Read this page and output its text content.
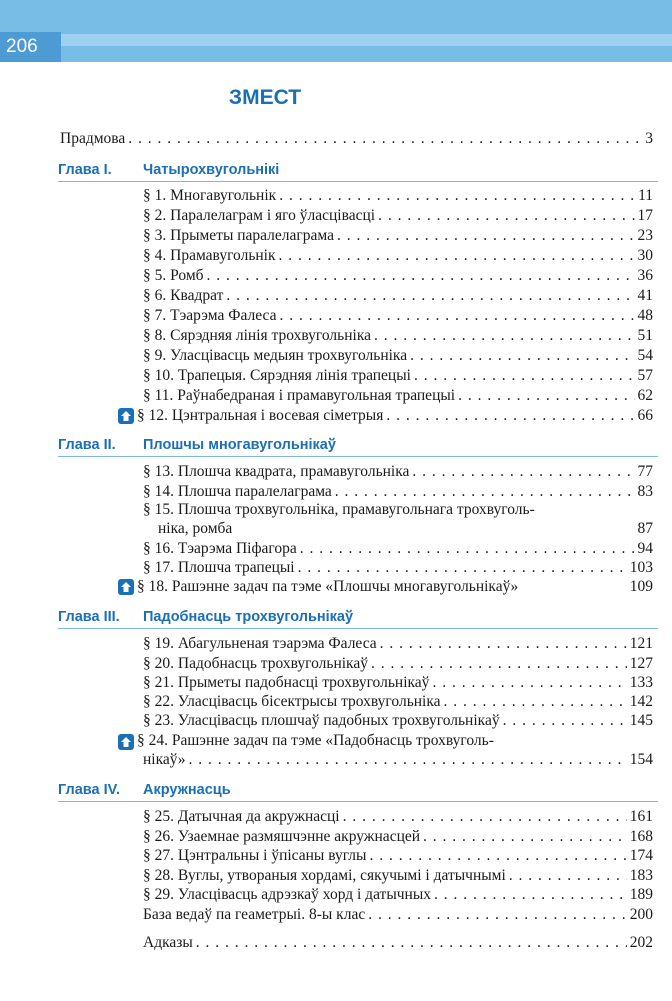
206
ЗМЕСТ
Прадмова . . .	3
Глава I. Чатырохвугольнікі
§ 1. Многавугольнік . . .	11
§ 2. Паралелаграм і яго ўласцівасці . . .	17
§ 3. Прыметы паралелаграма . . .	23
§ 4. Прамавугольнік . . .	30
§ 5. Ромб . . .	36
§ 6. Квадрат . . .	41
§ 7. Тэарэма Фалеса . . .	48
§ 8. Сярэдняя лінія трохвугольніка . . .	51
§ 9. Уласцівасць медыян трохвугольніка . . .	54
§ 10. Трапецыя. Сярэдняя лінія трапецыі . . .	57
§ 11. Раўнабедраная і прамавугольная трапецыі . . .	62
§ 12. Цэнтральная і восевая сіметрыя . . .	66
Глава II. Плошчы многавугольнікаў
§ 13. Плошча квадрата, прамавугольніка . . .	77
§ 14. Плошча паралелаграма . . .	83
§ 15. Плошча трохвугольніка, прамавугольнага трохвуголь-
ніка, ромба	87
§ 16. Тэарэма Піфагора . . .	94
§ 17. Плошча трапецыі . . .	103
§ 18. Рашэнне задач па тэме «Плошчы многавугольнікаў»	109
Глава III. Падобнасць трохвугольнікаў
§ 19. Абагульненая тэарэма Фалеса . . .	121
§ 20. Падобнасць трохвугольнікаў . . .	127
§ 21. Прыметы падобнасці трохвугольнікаў . . .	133
§ 22. Уласцівасць бісектрысы трохвугольніка . . .	142
§ 23. Уласцівасць плошчаў падобных трохвугольнікаў . . .	145
§ 24. Рашэнне задач па тэме «Падобнасць трохвуголь-
нікаў» . . .	154
Глава IV. Акружнасць
§ 25. Датычная да акружнасці . . .	161
§ 26. Узаемнае размяшчэнне акружнасцей . . .	168
§ 27. Цэнтральны і ўпісаны вуглы . . .	174
§ 28. Вуглы, утвораныя хордамі, сякучымі і датычнымі . . .	183
§ 29. Уласцівасць адрэзкаў хорд і датычных . . .	189
База ведаў па геаметрыі. 8-ы клас . . .	200
Адказы . . .	202
